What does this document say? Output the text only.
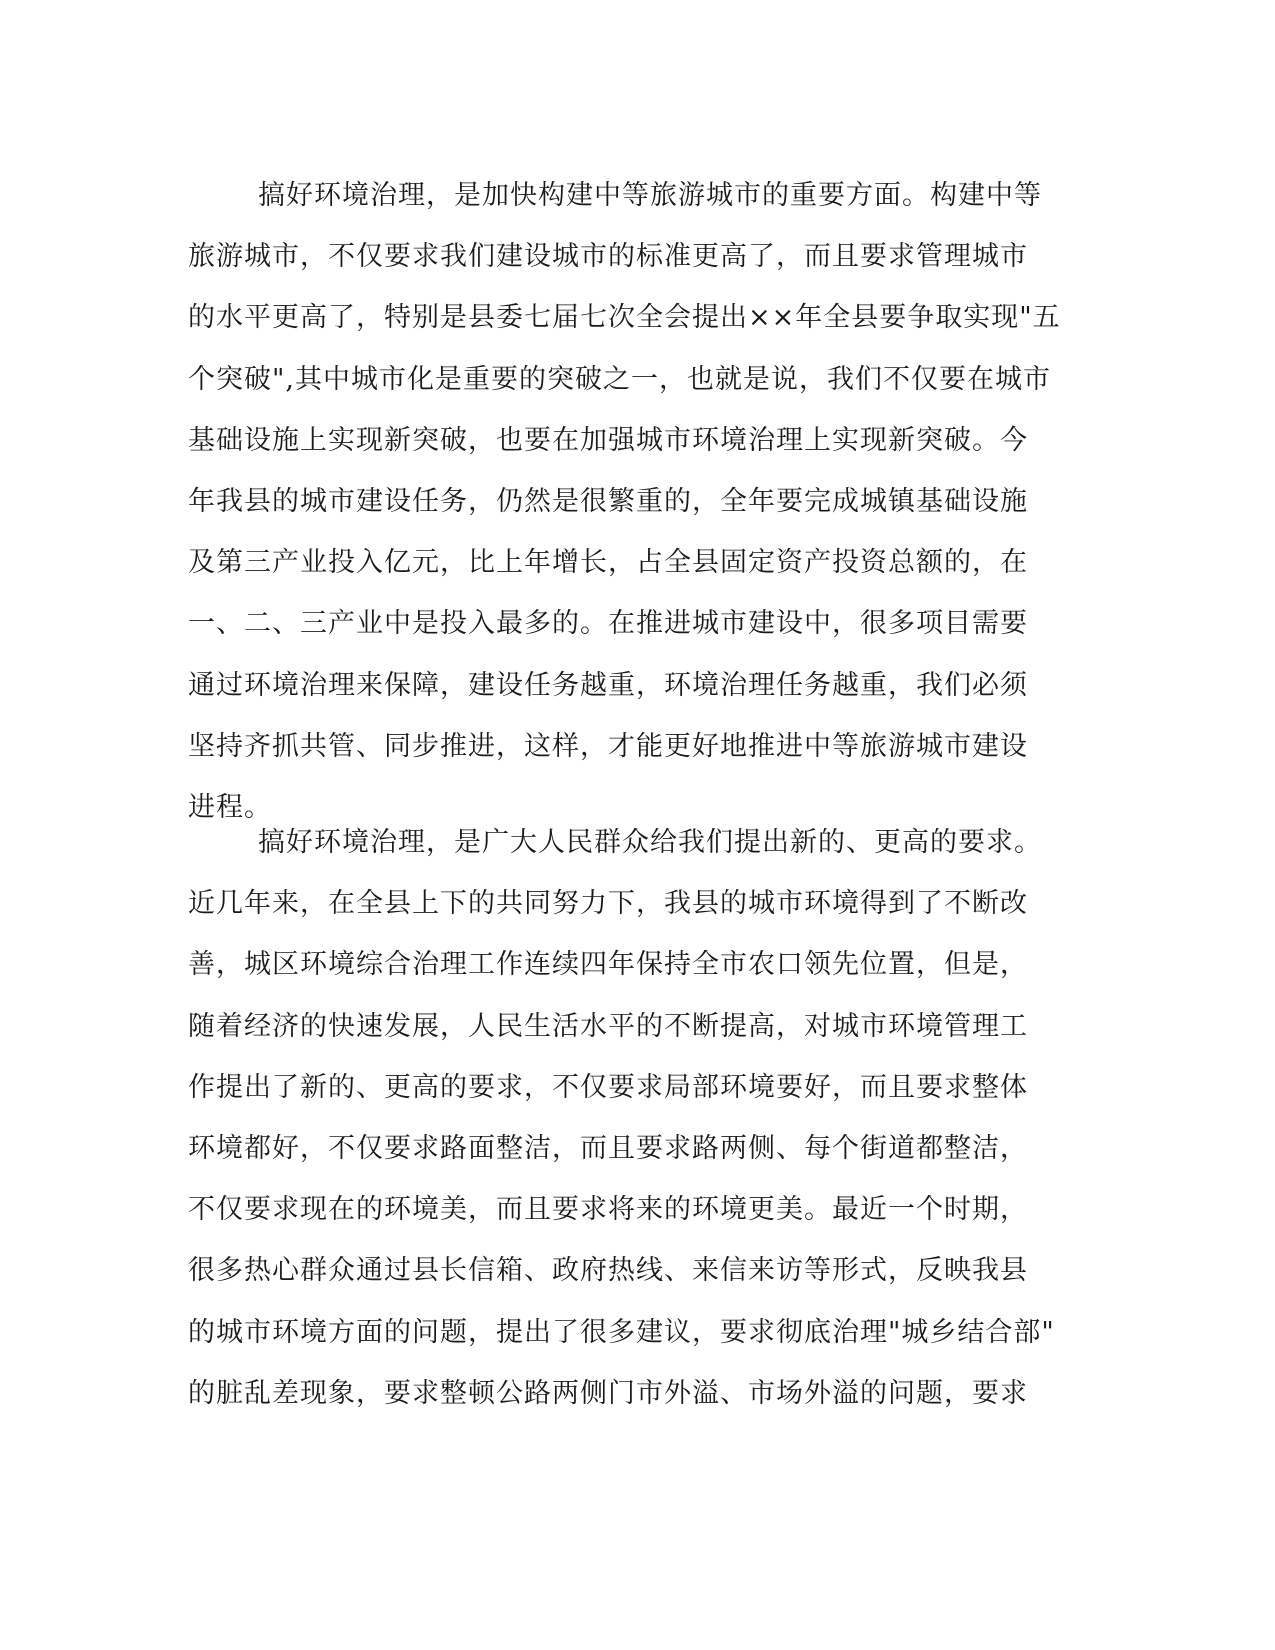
搞好环境治理，是加快构建中等旅游城市的重要方面。构建中等
旅游城市，不仅要求我们建设城市的标准更高了，而且要求管理城市
的水平更高了，特别是县委七届七次全会提出××年全县要争取实现"五
个突破",其中城市化是重要的突破之一，也就是说，我们不仅要在城市
基础设施上实现新突破，也要在加强城市环境治理上实现新突破。今
年我县的城市建设任务，仍然是很繁重的，全年要完成城镇基础设施
及第三产业投入亿元，比上年增长，占全县固定资产投资总额的，在
一、二、三产业中是投入最多的。在推进城市建设中，很多项目需要
通过环境治理来保障，建设任务越重，环境治理任务越重，我们必须
坚持齐抓共管、同步推进，这样，才能更好地推进中等旅游城市建设
进程。
搞好环境治理，是广大人民群众给我们提出新的、更高的要求。
近几年来，在全县上下的共同努力下，我县的城市环境得到了不断改
善，城区环境综合治理工作连续四年保持全市农口领先位置，但是，
随着经济的快速发展，人民生活水平的不断提高，对城市环境管理工
作提出了新的、更高的要求，不仅要求局部环境要好，而且要求整体
环境都好，不仅要求路面整洁，而且要求路两侧、每个街道都整洁，
不仅要求现在的环境美，而且要求将来的环境更美。最近一个时期，
很多热心群众通过县长信箱、政府热线、来信来访等形式，反映我县
的城市环境方面的问题，提出了很多建议，要求彻底治理"城乡结合部"
的脏乱差现象，要求整顿公路两侧门市外溢、市场外溢的问题，要求
